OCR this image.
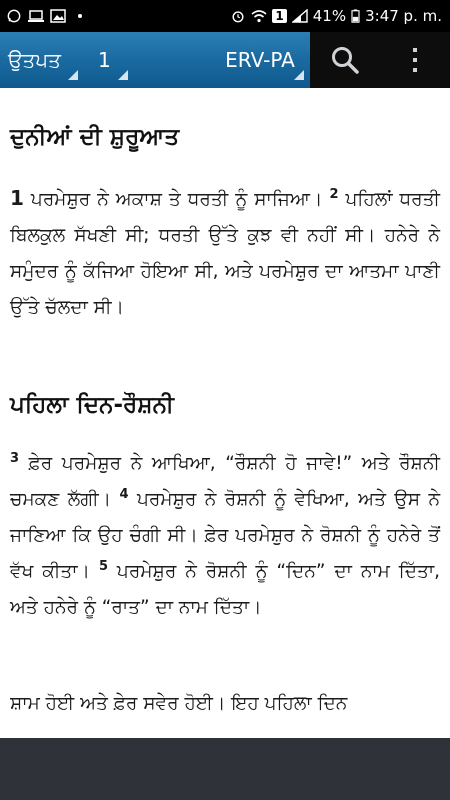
1 41% 3:47 p. m.
ਉਤਪਤ 1	ERV-PA
ਦੁਨੀਆਂ ਦੀ ਸ਼ੁਰੂਆਤ
1 ਪਰਮੇਸ਼ੁਰ ਨੇ ਅਕਾਸ਼ ਤੇ ਧਰਤੀ ਨੂੰ ਸਾਜਿਆ। $^2$ ਪਹਿਲਾਂ ਧਰਤੀ ਬਿਲਕੁਲ ਸੱਖਣੀ ਸੀ; ਧਰਤੀ ਉੱਤੇ ਕੁਝ ਵੀ ਨਹੀਂ ਸੀ। ਹਨੇਰੇ ਨੇ ਸਮੁੰਦਰ ਨੂੰ ਕੱਜਿਆ ਹੋਇਆ ਸੀ, ਅਤੇ ਪਰਮੇਸ਼ੁਰ ਦਾ ਆਤਮਾ ਪਾਣੀ ਉੱਤੇ ਚੱਲਦਾ ਸੀ।
ਪਹਿਲਾ ਦਿਨ-ਰੌਸ਼ਨੀ
$^3$ ਫ਼ੇਰ ਪਰਮੇਸ਼ੁਰ ਨੇ ਆਖਿਆ, “ਰੌਸ਼ਨੀ ਹੋ ਜਾਵੇ!” ਅਤੇ ਰੌਸ਼ਨੀ ਚਮਕਣ ਲੱਗੀ। $^4$ ਪਰਮੇਸ਼ੁਰ ਨੇ ਰੋਸ਼ਨੀ ਨੂੰ ਵੇਖਿਆ, ਅਤੇ ਉਸ ਨੇ ਜਾਣਿਆ ਕਿ ਉਹ ਚੰਗੀ ਸੀ। ਫ਼ੇਰ ਪਰਮੇਸ਼ੁਰ ਨੇ ਰੋਸ਼ਨੀ ਨੂੰ ਹਨੇਰੇ ਤੋਂ ਵੱਖ ਕੀਤਾ। $^5$ ਪਰਮੇਸ਼ੁਰ ਨੇ ਰੋਸ਼ਨੀ ਨੂੰ “ਦਿਨ” ਦਾ ਨਾਮ ਦਿੱਤਾ, ਅਤੇ ਹਨੇਰੇ ਨੂੰ “ਰਾਤ” ਦਾ ਨਾਮ ਦਿੱਤਾ।
ਸ਼ਾਮ ਹੋਈ ਅਤੇ ਫ਼ੇਰ ਸਵੇਰ ਹੋਈ। ਇਹ ਪਹਿਲਾ ਦਿਨ
